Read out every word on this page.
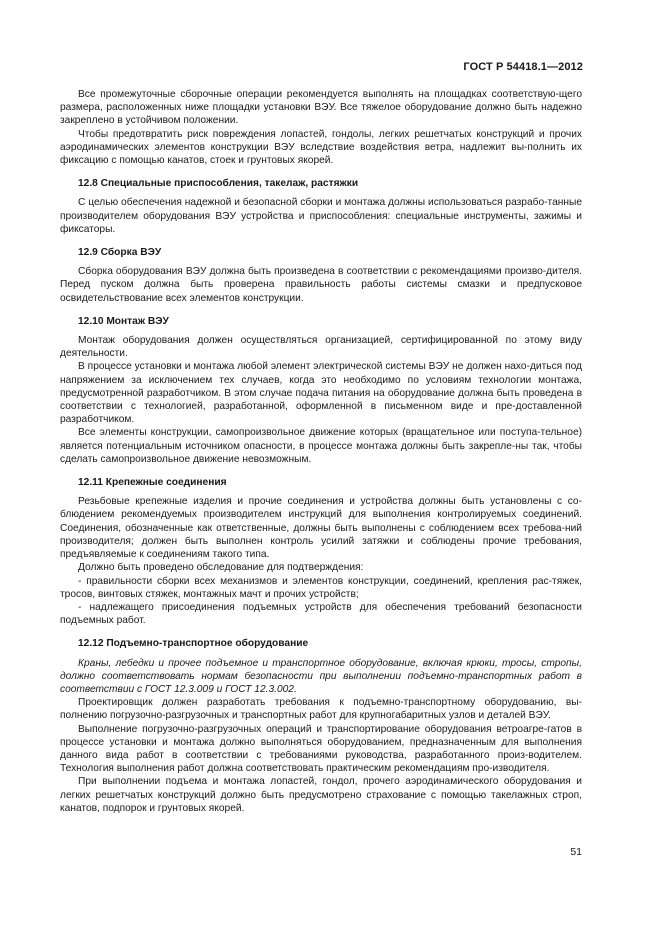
ГОСТ Р 54418.1—2012

Все промежуточные сборочные операции рекомендуется выполнять на площадках соответствую-щего размера, расположенных ниже площадки установки ВЭУ. Все тяжелое оборудование должно быть надежно закреплено в устойчивом положении.

Чтобы предотвратить риск повреждения лопастей, гондолы, легких решетчатых конструкций и прочих аэродинамических элементов конструкции ВЭУ вследствие воздействия ветра, надлежит вы-полнить их фиксацию с помощью канатов, стоек и грунтовых якорей.

12.8 Специальные приспособления, такелаж, растяжки

С целью обеспечения надежной и безопасной сборки и монтажа должны использоваться разрабо-танные производителем оборудования ВЭУ устройства и приспособления: специальные инструменты, зажимы и фиксаторы.

12.9 Сборка ВЭУ

Сборка оборудования ВЭУ должна быть произведена в соответствии с рекомендациями произво-дителя. Перед пуском должна быть проверена правильность работы системы смазки и предпусковое освидетельствование всех элементов конструкции.

12.10 Монтаж ВЭУ

Монтаж оборудования должен осуществляться организацией, сертифицированной по этому виду деятельности.

В процессе установки и монтажа любой элемент электрической системы ВЭУ не должен нахо-диться под напряжением за исключением тех случаев, когда это необходимо по условиям технологии монтажа, предусмотренной разработчиком. В этом случае подача питания на оборудование должна быть проведена в соответствии с технологией, разработанной, оформленной в письменном виде и пре-доставленной разработчиком.

Все элементы конструкции, самопроизвольное движение которых (вращательное или поступа-тельное) является потенциальным источником опасности, в процессе монтажа должны быть закрепле-ны так, чтобы сделать самопроизвольное движение невозможным.

12.11 Крепежные соединения

Резьбовые крепежные изделия и прочие соединения и устройства должны быть установлены с со-блюдением рекомендуемых производителем инструкций для выполнения контролируемых соединений. Соединения, обозначенные как ответственные, должны быть выполнены с соблюдением всех требова-ний производителя; должен быть выполнен контроль усилий затяжки и соблюдены прочие требования, предъявляемые к соединениям такого типа.

Должно быть проведено обследование для подтверждения:

- правильности сборки всех механизмов и элементов конструкции, соединений, крепления рас-тяжек, тросов, винтовых стяжек, монтажных мачт и прочих устройств;

- надлежащего присоединения подъемных устройств для обеспечения требований безопасности подъемных работ.

12.12 Подъемно-транспортное оборудование

Краны, лебедки и прочее подъемное и транспортное оборудование, включая крюки, тросы, стропы, должно соответствовать нормам безопасности при выполнении подъемно-транспортных работ в соответствии с ГОСТ 12.3.009 и ГОСТ 12.3.002.

Проектировщик должен разработать требования к подъемно-транспортному оборудованию, вы-полнению погрузочно-разгрузочных и транспортных работ для крупногабаритных узлов и деталей ВЭУ.

Выполнение погрузочно-разгрузочных операций и транспортирование оборудования ветроагре-гатов в процессе установки и монтажа должно выполняться оборудованием, предназначенным для выполнения данного вида работ в соответствии с требованиями руководства, разработанного произ-водителем. Технология выполнения работ должна соответствовать практическим рекомендациям про-изводителя.

При выполнении подъема и монтажа лопастей, гондол, прочего аэродинамического оборудования и легких решетчатых конструкций должно быть предусмотрено страхование с помощью такелажных строп, канатов, подпорок и грунтовых якорей.

51
